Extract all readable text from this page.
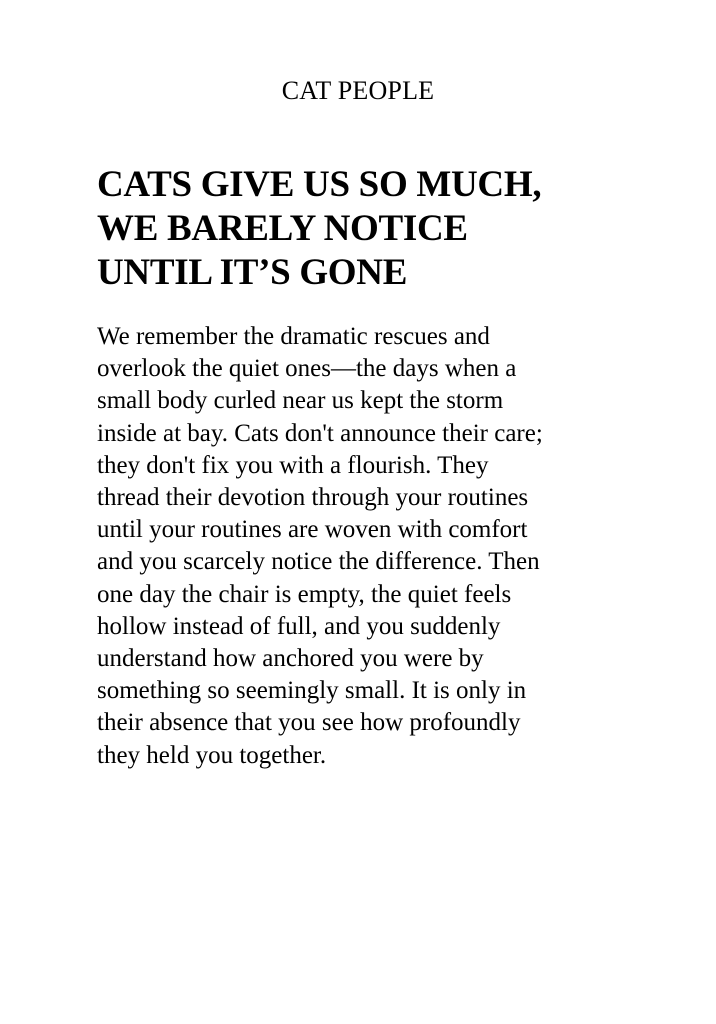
CAT PEOPLE
CATS GIVE US SO MUCH,
WE BARELY NOTICE
UNTIL IT’S GONE

We remember the dramatic rescues and
overlook the quiet ones—the days when a
small body curled near us kept the storm
inside at bay. Cats don't announce their care;
they don't fix you with a flourish. They
thread their devotion through your routines
until your routines are woven with comfort
and you scarcely notice the difference. Then
one day the chair is empty, the quiet feels
hollow instead of full, and you suddenly
understand how anchored you were by
something so seemingly small. It is only in
their absence that you see how profoundly
they held you together.
